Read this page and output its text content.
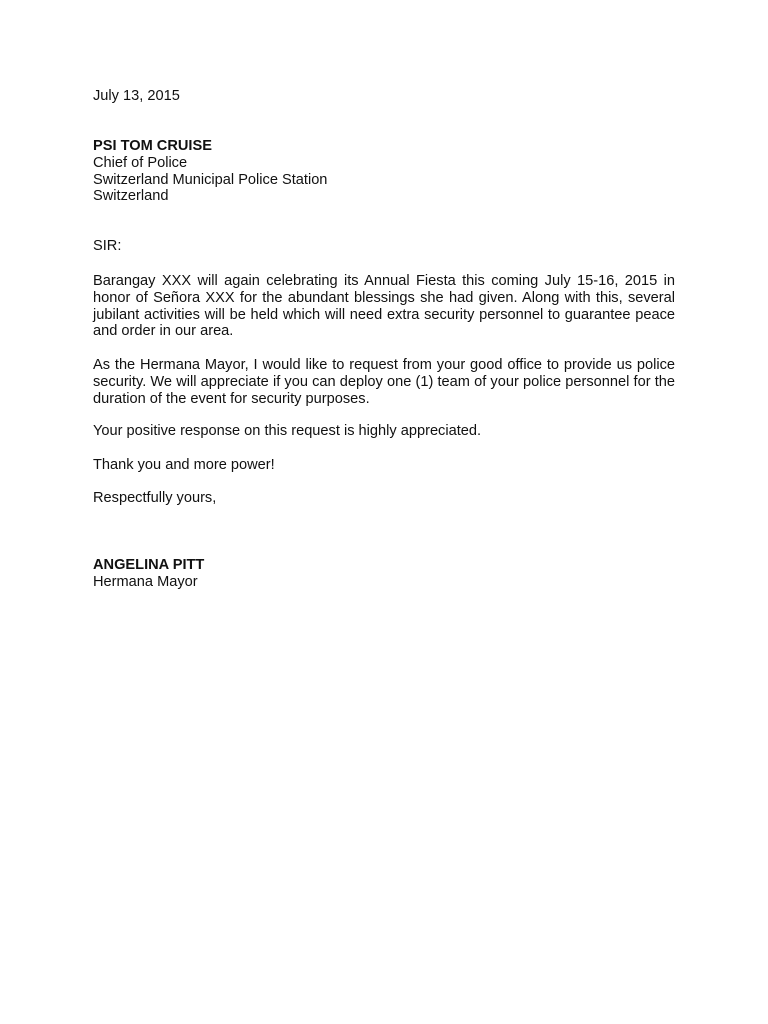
July 13, 2015
PSI TOM CRUISE
Chief of Police
Switzerland Municipal Police Station
Switzerland
SIR:

Barangay XXX will again celebrating its Annual Fiesta this coming July 15-16, 2015 in honor of Señora XXX for the abundant blessings she had given. Along with this, several jubilant activities will be held which will need extra security personnel to guarantee peace and order in our area.

As the Hermana Mayor, I would like to request from your good office to provide us police security. We will appreciate if you can deploy one (1) team of your police personnel for the duration of the event for security purposes.

Your positive response on this request is highly appreciated.

Thank you and more power!

Respectfully yours,
ANGELINA PITT
Hermana Mayor
